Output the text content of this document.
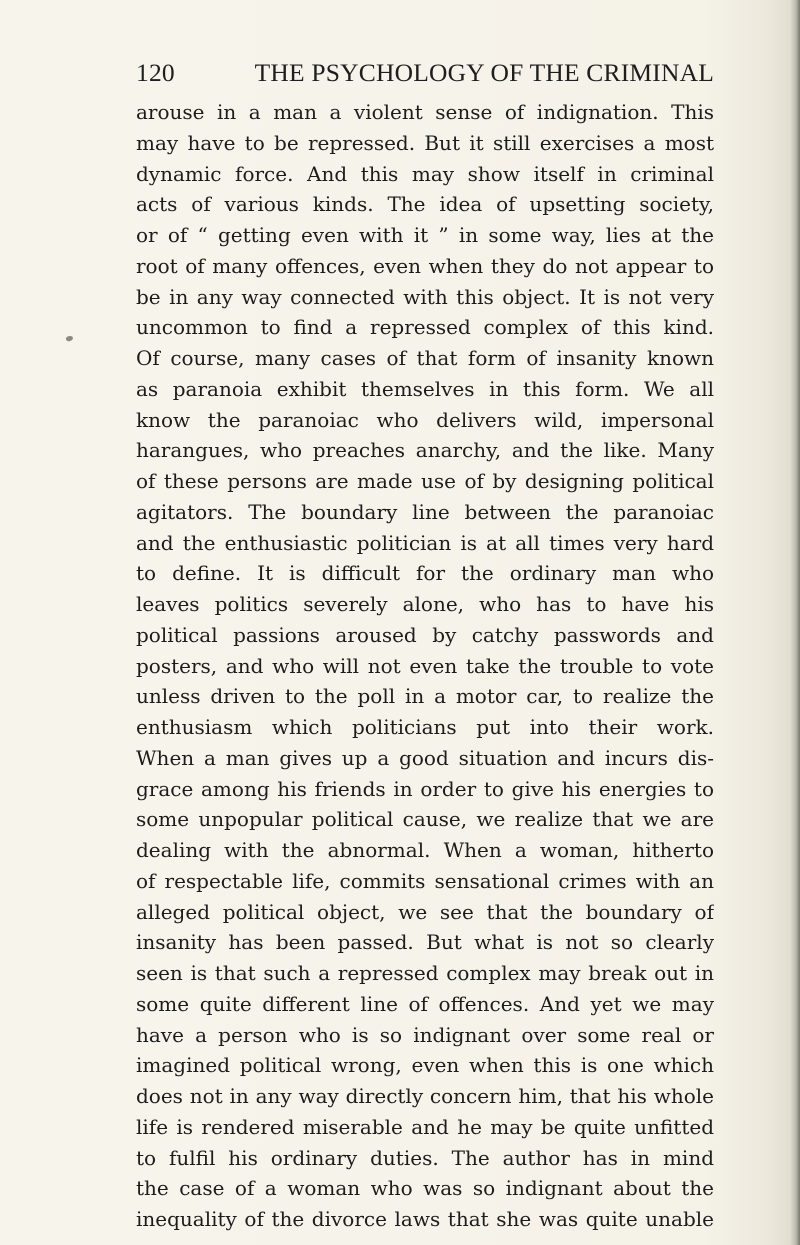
120	THE PSYCHOLOGY OF THE CRIMINAL
arouse in a man a violent sense of indignation. This
may have to be repressed. But it still exercises a most
dynamic force. And this may show itself in criminal
acts of various kinds. The idea of upsetting society,
or of “ getting even with it ” in some way, lies at the
root of many offences, even when they do not appear to
be in any way connected with this object. It is not very
uncommon to find a repressed complex of this kind.
Of course, many cases of that form of insanity known
as paranoia exhibit themselves in this form. We all
know the paranoiac who delivers wild, impersonal
harangues, who preaches anarchy, and the like. Many
of these persons are made use of by designing political
agitators. The boundary line between the paranoiac
and the enthusiastic politician is at all times very hard
to define. It is difficult for the ordinary man who
leaves politics severely alone, who has to have his
political passions aroused by catchy passwords and
posters, and who will not even take the trouble to vote
unless driven to the poll in a motor car, to realize the
enthusiasm which politicians put into their work.
When a man gives up a good situation and incurs dis-
grace among his friends in order to give his energies to
some unpopular political cause, we realize that we are
dealing with the abnormal. When a woman, hitherto
of respectable life, commits sensational crimes with an
alleged political object, we see that the boundary of
insanity has been passed. But what is not so clearly
seen is that such a repressed complex may break out in
some quite different line of offences. And yet we may
have a person who is so indignant over some real or
imagined political wrong, even when this is one which
does not in any way directly concern him, that his whole
life is rendered miserable and he may be quite unfitted
to fulfil his ordinary duties. The author has in mind
the case of a woman who was so indignant about the
inequality of the divorce laws that she was quite unable
